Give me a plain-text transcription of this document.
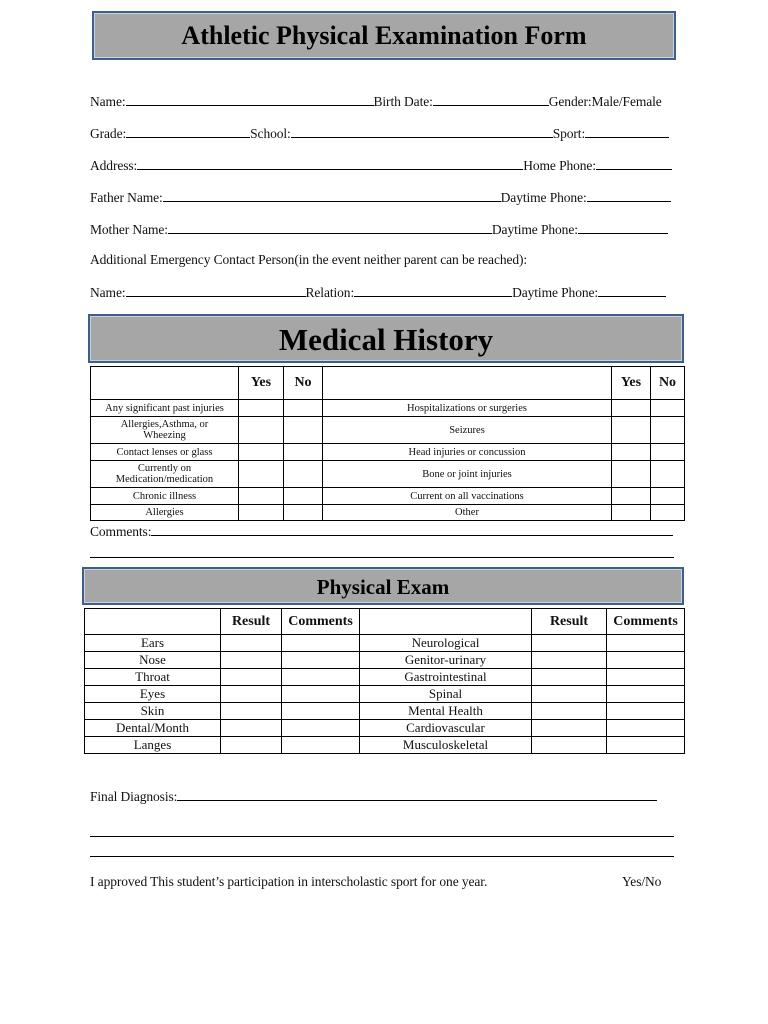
Athletic Physical Examination Form
Name:	Birth Date:	Gender:Male/Female
Grade:	School:	Sport:
Address:	Home Phone:
Father Name:	Daytime Phone:
Mother Name:	Daytime Phone:
Additional Emergency Contact Person(in the event neither parent can be reached):
Name:	Relation:	Daytime Phone:
Medical History
	Yes	No		Yes	No
Any significant past injuries			Hospitalizations or surgeries		
Allergies,Asthma, or Wheezing			Seizures		
Contact lenses or glass			Head injuries or concussion		
Currently on Medication/medication			Bone or joint injuries		
Chronic illness			Current on all vaccinations		
Allergies			Other		
Comments:
Physical Exam
	Result	Comments		Result	Comments
Ears			Neurological		
Nose			Genitor-urinary		
Throat			Gastrointestinal		
Eyes			Spinal		
Skin			Mental Health		
Dental/Month			Cardiovascular		
Langes			Musculoskeletal		
Final Diagnosis:
I approved This student’s participation in interscholastic sport for one year.	Yes/No
